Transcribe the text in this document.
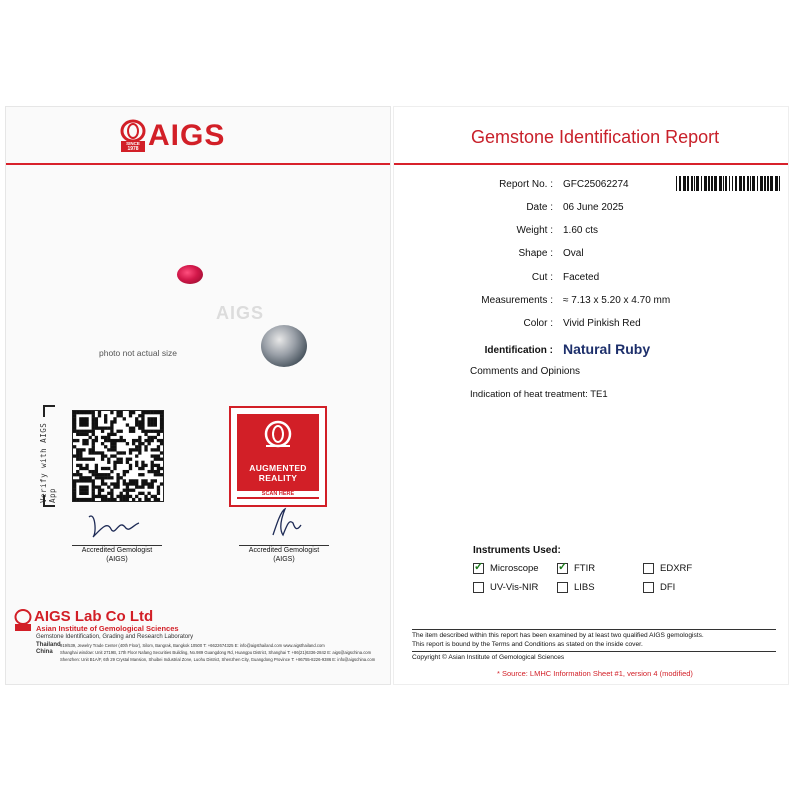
SINCE
1978 AIGS
AIGS
photo not actual size
Verify with AIGS App
AUGMENTED
REALITY
SCAN HERE
Accredited Gemologist
(AIGS)
Accredited Gemologist
(AIGS)
AIGS Lab Co Ltd
Asian Institute of Gemological Sciences
Gemstone Identification, Grading and Research Laboratory
Thailand 919/539, Jewelry Trade Center (40th Floor), Silom, Bangrak, Bangkok 10500 T: +6622674325 E: info@aigsthailand.com www.aigsthailand.com
China Shanghai window: Unit 2719B, 17th Floor Nafang Securities Building, No.989 Guangdong Rd, Huangpu District, Shanghai T: +86(21)6336-2842 E: aigs@aigschina.com
Shenzhen: Unit B1A/F, 6th 29 Crystal Mansion, Shuibei Industrial Zone, Luohu District, Shenzhen City, Guangdong Province T: +86755-8226-9386 E: info@aigschina.com
Gemstone Identification Report
Report No. : GFC25062274
Date : 06 June 2025
Weight : 1.60 cts
Shape : Oval
Cut : Faceted
Measurements : ≈ 7.13 x 5.20 x 4.70 mm
Color : Vivid Pinkish Red
Identification : Natural Ruby
Comments and Opinions
Indication of heat treatment: TE1
Instruments Used:
✓Microscope
✓	FTIR	EDXRF
UV-Vis-NIR	LIBS	DFI
The item described within this report has been examined by at least two qualified AIGS gemologists.
This report is bound by the Terms and Conditions as stated on the inside cover.
Copyright © Asian Institute of Gemological Sciences
* Source: LMHC Information Sheet #1, version 4 (modified)
